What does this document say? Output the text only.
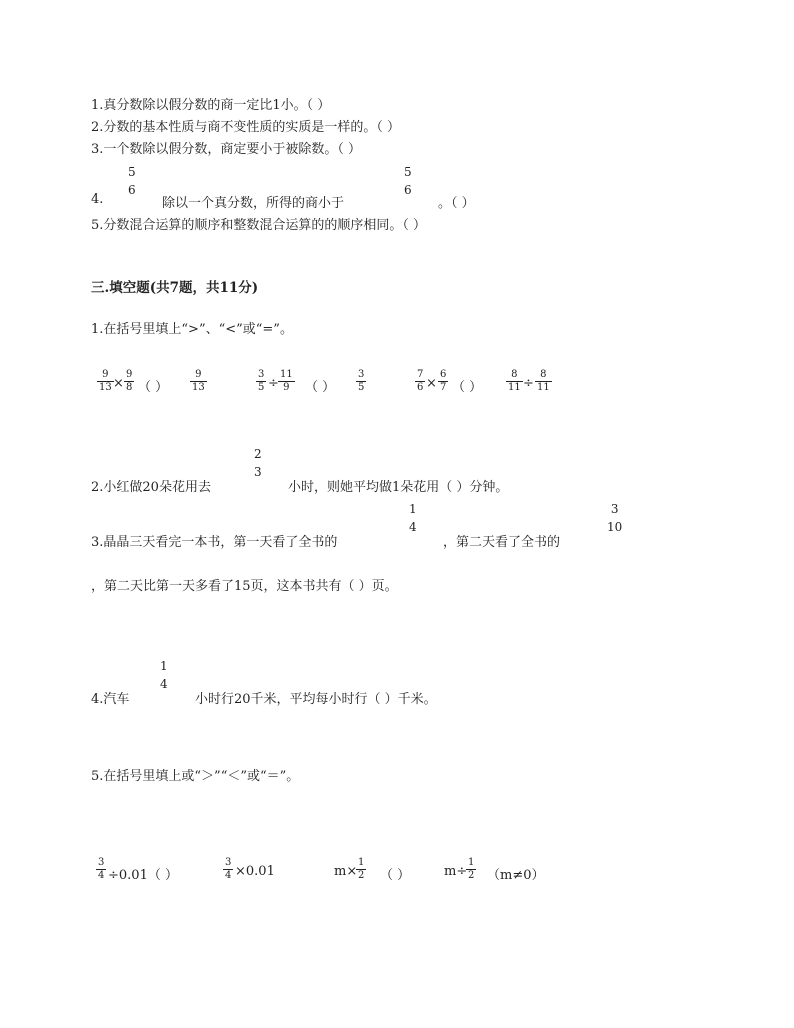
1.真分数除以假分数的商一定比1小。（ ）
2.分数的基本性质与商不变性质的实质是一样的。（ ）
3.一个数除以假分数，商定要小于被除数。（ ）
4.
5
6
除以一个真分数，所得的商小于
5
6
。（ ）
5.分数混合运算的顺序和整数混合运算的的顺序相同。（ ）
三.填空题(共7题，共11分)
1.在括号里填上“>”、“<”或“=”。
$\frac{9}{13} \times \frac{9}{8}$ （ ） $\frac{9}{13}$	$\frac{3}{5} \div \frac{11}{9}$ （ ） $\frac{3}{5}$	$\frac{7}{6} \times \frac{6}{7}$ （ ） $\frac{8}{11} \div \frac{8}{11}$
2.小红做20朵花用去
2
3
小时，则她平均做1朵花用（ ）分钟。
3.晶晶三天看完一本书，第一天看了全书的
1
4
，第二天看了全书的
3
10
，第二天比第一天多看了15页，这本书共有（ ）页。
4.汽车
1
4
小时行20千米，平均每小时行（ ）千米。
5.在括号里填上或“＞”“＜”或“＝”。
$\frac{3}{4} \div 0.01$（ ）	$\frac{3}{4} \times 0.01$	m×
$\frac{1}{2}$ （ ）	m÷
$\frac{1}{2} (m\ne 0)$
